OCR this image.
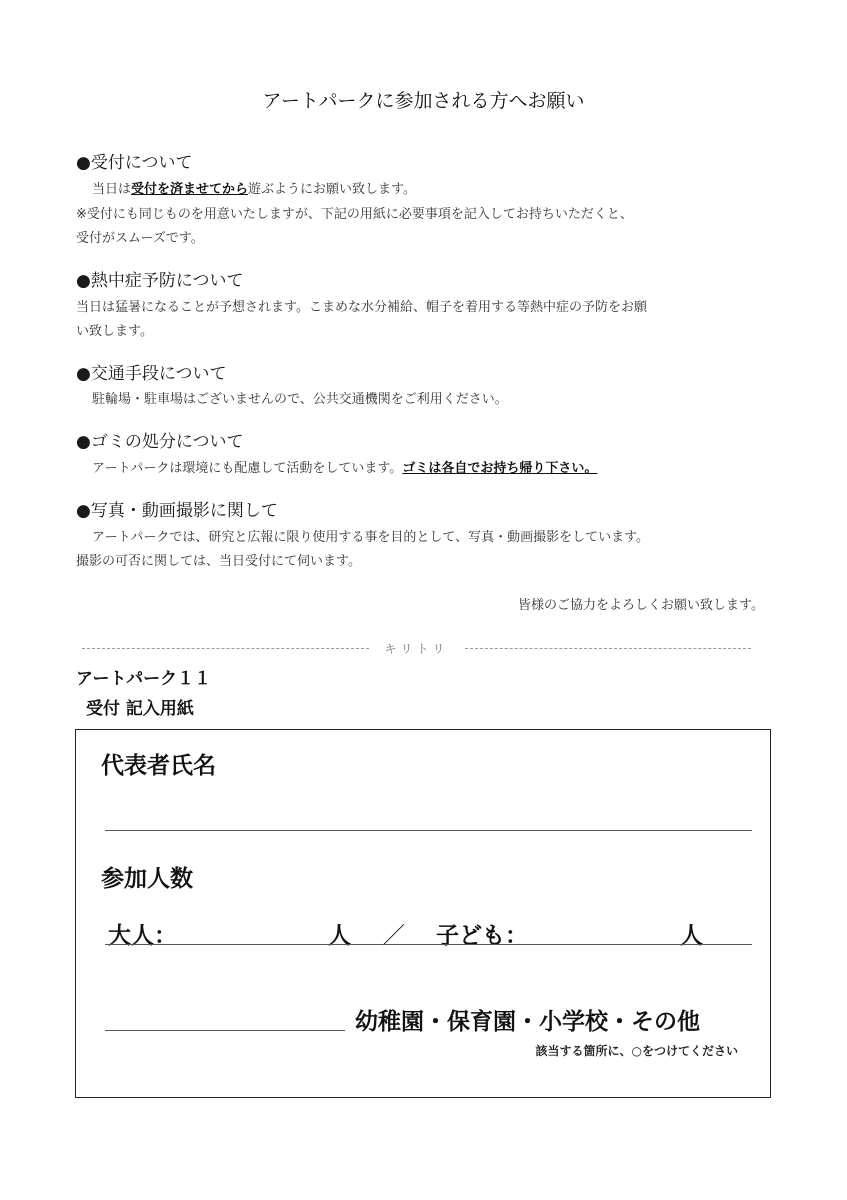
アートパークに参加される方へお願い
●受付について
当日は受付を済ませてから遊ぶようにお願い致します。
※受付にも同じものを用意いたしますが、下記の用紙に必要事項を記入してお持ちいただくと、
受付がスムーズです。
●熱中症予防について
当日は猛暑になることが予想されます。こまめな水分補給、帽子を着用する等熱中症の予防をお願
い致します。
●交通手段について
駐輪場・駐車場はございませんので、公共交通機関をご利用ください。
●ゴミの処分について
アートパークは環境にも配慮して活動をしています。ゴミは各自でお持ち帰り下さい。
●写真・動画撮影に関して
アートパークでは、研究と広報に限り使用する事を目的として、写真・動画撮影をしています。
撮影の可否に関しては、当日受付にて伺います。
皆様のご協力をよろしくお願い致します。
キリトリ
アートパーク１１
受付 記入用紙
代表者氏名
参加人数
大人：	人 ／ 子ども：	人
幼稚園・保育園・小学校・その他
該当する箇所に、○をつけてください
